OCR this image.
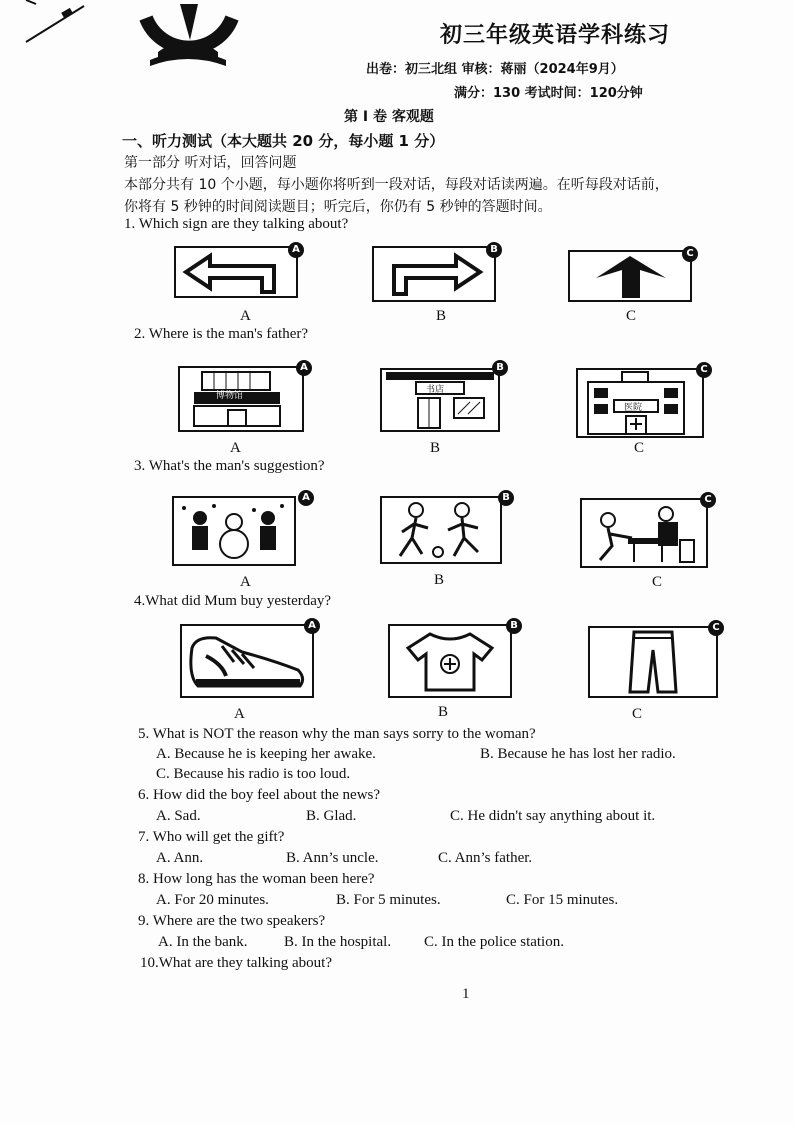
初三年级英语学科练习
出卷：初三北组 审核：蒋丽（2024年9月）
满分：130 考试时间：120分钟
第 I 卷 客观题
一、听力测试（本大题共 20 分，每小题 1 分）
第一部分 听对话，回答问题
本部分共有 10 个小题，每小题你将听到一段对话，每段对话读两遍。在听每段对话前，
你将有 5 秒钟的时间阅读题目；听完后，你仍有 5 秒钟的答题时间。
1. Which sign are they talking about?
A	B	C
A	B	C
2. Where is the man's father?
博物馆
A
书店
B
医院
C
A	B	C
3. What's the man's suggestion?
A	B	C
A	B	C
4.What did Mum buy yesterday?
A	B	C
A	B	C
5. What is NOT the reason why the man says sorry to the woman?
A. Because he is keeping her awake.	B. Because he has lost her radio.
C. Because his radio is too loud.
6. How did the boy feel about the news?
A. Sad.	B. Glad.	C. He didn't say anything about it.
7. Who will get the gift?
A. Ann.	B. Ann’s uncle.	C. Ann’s father.
8. How long has the woman been here?
A. For 20 minutes.	B. For 5 minutes.	C. For 15 minutes.
9. Where are the two speakers?
A. In the bank. B. In the hospital. C. In the police station.
10.What are they talking about?
1
